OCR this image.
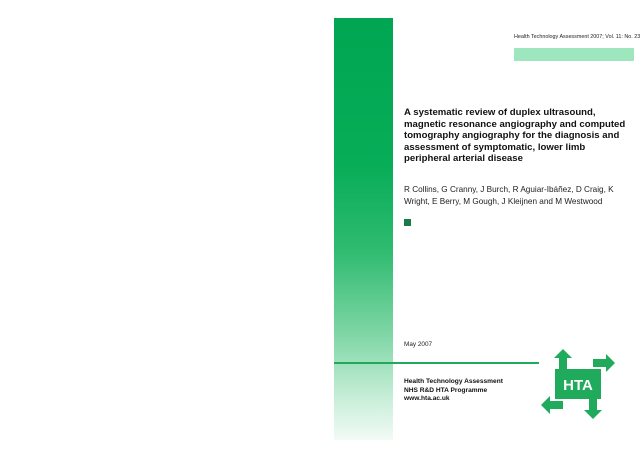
Health Technology Assessment 2007; Vol. 11: No. 23
A systematic review of duplex ultrasound, magnetic resonance angiography and computed tomography angiography for the diagnosis and assessment of symptomatic, lower limb peripheral arterial disease

R Collins, G Cranny, J Burch, R Aguiar-Ibáñez, D Craig, K Wright, E Berry, M Gough, J Kleijnen and M Westwood

May 2007
Health Technology Assessment
NHS R&D HTA Programme
www.hta.ac.uk
HTA
